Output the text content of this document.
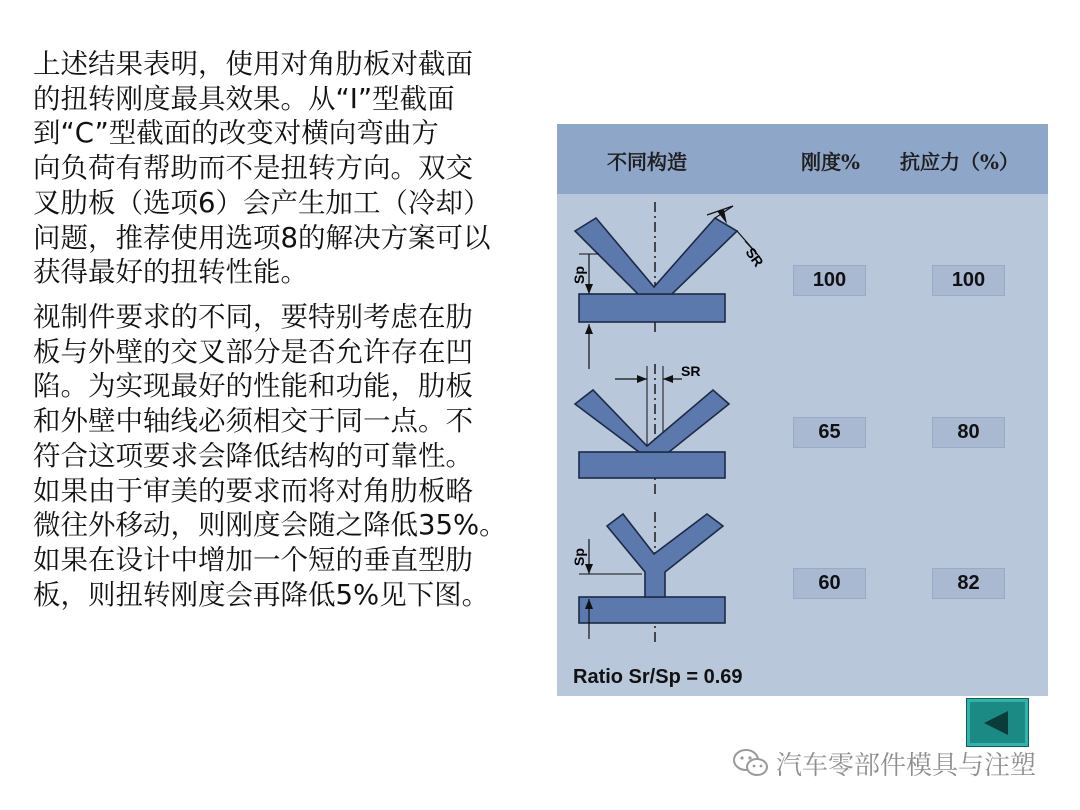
上述结果表明，使用对角肋板对截面
的扭转刚度最具效果。从“I”型截面
到“C”型截面的改变对横向弯曲方
向负荷有帮助而不是扭转方向。双交
叉肋板（选项6）会产生加工（冷却）
问题，推荐使用选项8的解决方案可以
获得最好的扭转性能。
视制件要求的不同，要特别考虑在肋
板与外壁的交叉部分是否允许存在凹
陷。为实现最好的性能和功能，肋板
和外壁中轴线必须相交于同一点。不
符合这项要求会降低结构的可靠性。
如果由于审美的要求而将对角肋板略
微往外移动，则刚度会随之降低35%。
如果在设计中增加一个短的垂直型肋
板，则扭转刚度会再降低5%见下图。
不同构造	刚度% 抗应力（%）
SR
Sp
SR
Sp
100	100
65	80
60	82
Ratio Sr/Sp = 0.69
汽车零部件模具与注塑
